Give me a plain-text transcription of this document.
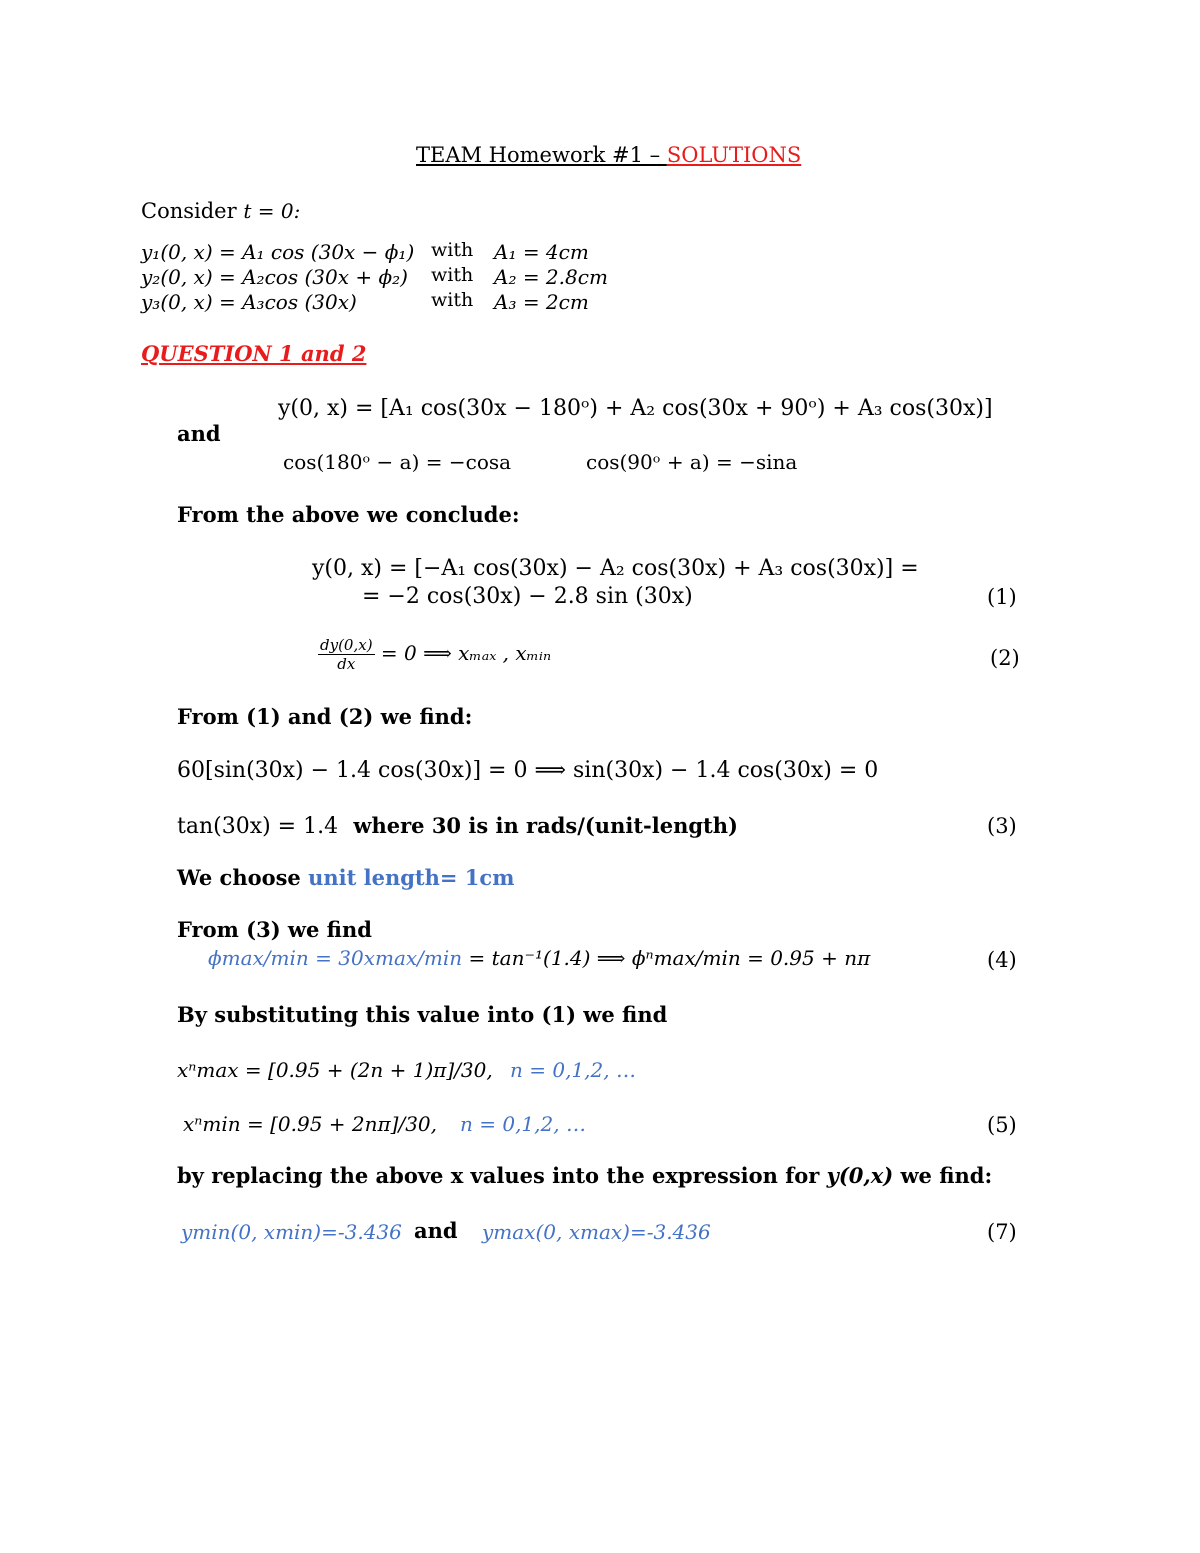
TEAM Homework #1 – SOLUTIONS
Consider t = 0:
y₁(0, x) = A₁ cos (30x − ϕ₁) with A₁ = 4cm
y₂(0, x) = A₂cos (30x + ϕ₂) with A₂ = 2.8cm
y₃(0, x) = A₃cos (30x)	with A₃ = 2cm
QUESTION 1 and 2
y(0, x) = [A₁ cos(30x − 180ᵒ) + A₂ cos(30x + 90ᵒ) + A₃ cos(30x)]
and
cos(180ᵒ − a) = −cosa	cos(90ᵒ + a) = −sina
From the above we conclude:
y(0, x) = [−A₁ cos(30x) − A₂ cos(30x) + A₃ cos(30x)] =
= −2 cos(30x) − 2.8 sin (30x)	(1)
$\frac{dy(0,x)}{dx} = 0$ ⟹ xₘₐₓ , xₘᵢₙ	(2)
From (1) and (2) we find:
60[sin(30x) − 1.4 cos(30x)] = 0 ⟹ sin(30x) − 1.4 cos(30x) = 0
tan(30x) = 1.4 where 30 is in rads/(unit-length)	(3)
We choose unit length= 1cm
From (3) we find
ϕmax/min = 30xmax/min = tan⁻¹(1.4) ⟹ ϕⁿmax/min = 0.95 + nπ	(4)
By substituting this value into (1) we find
xⁿmax = [0.95 + (2n + 1)π]/30, n = 0,1,2, …
xⁿmin = [0.95 + 2nπ]/30, n = 0,1,2, …	(5)
by replacing the above x values into the expression for y(0,x) we find:
ymin(0, xmin)=-3.436 and ymax(0, xmax)=-3.436	(7)
